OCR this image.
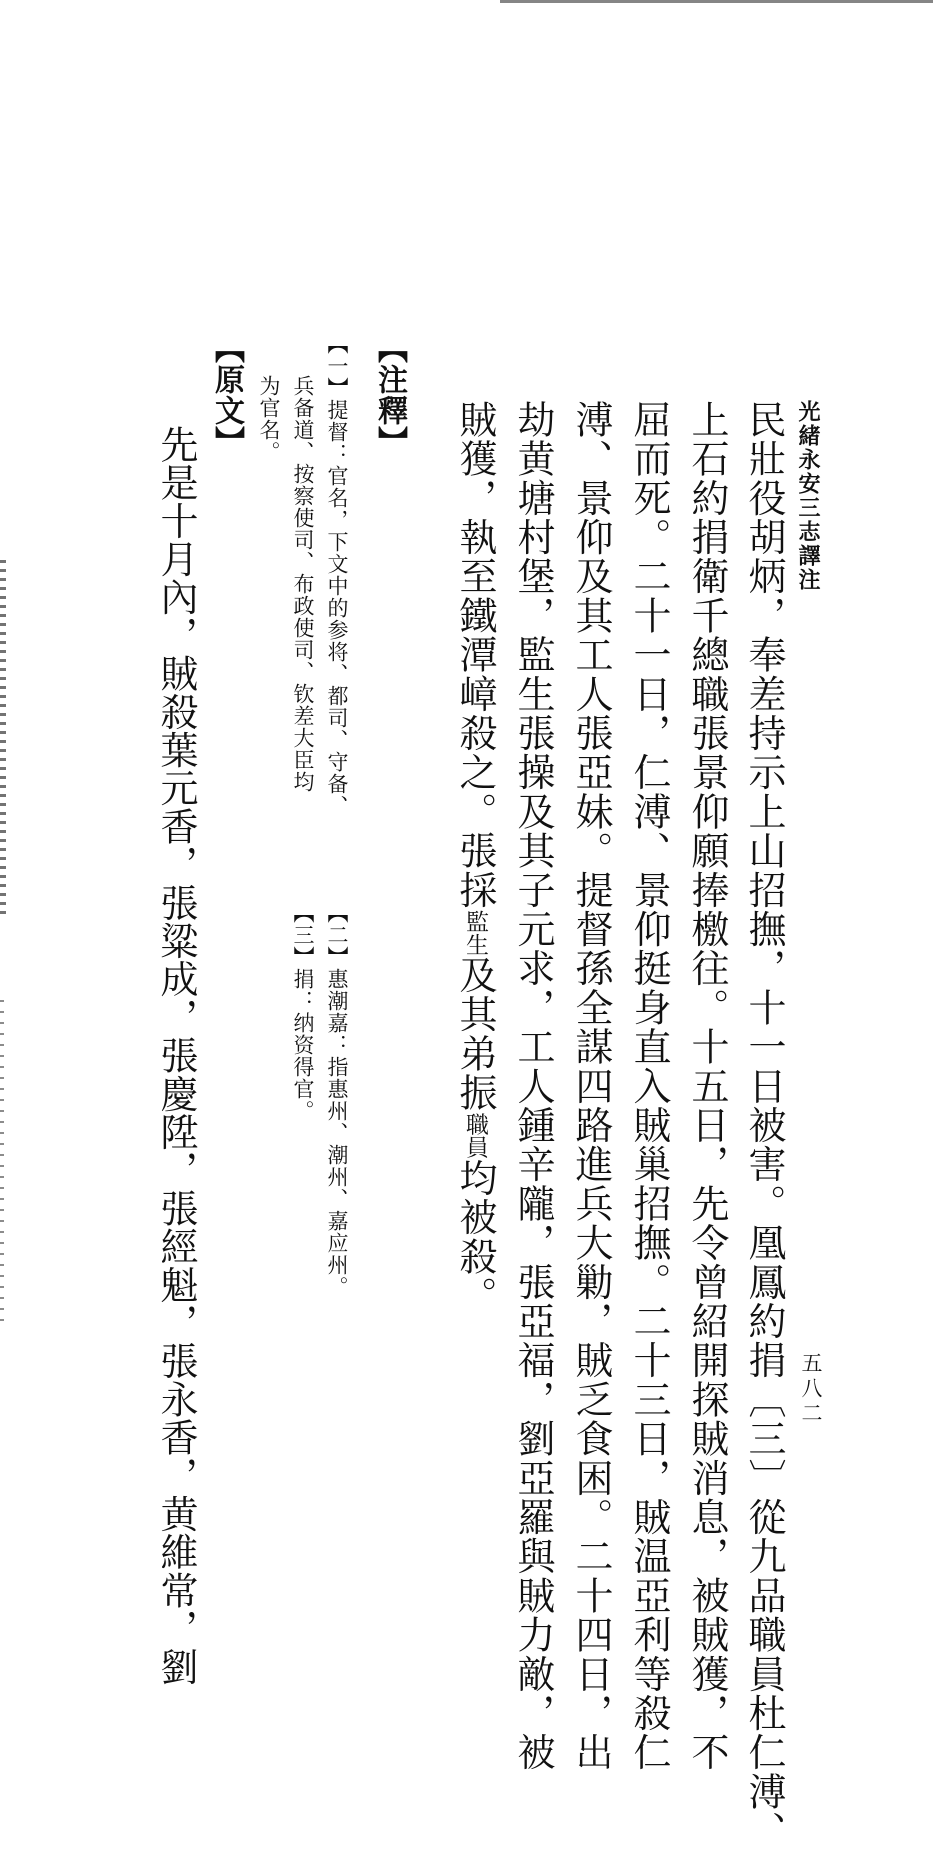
光緒永安三志譯注
五八二
民壯役胡炳，奉差持示上山招撫，十一日被害。凰鳳約捐〔三〕從九品職員杜仁溥、
上石約捐衛千總職張景仰願捧檄往。十五日，先令曾紹開探賊消息，被賊獲，不
屈而死。二十一日，仁溥、景仰挺身直入賊巢招撫。二十三日，賊温亞利等殺仁
溥、景仰及其工人張亞妹。提督孫全謀四路進兵大勦，賊乏食困。二十四日，出
劫黄塘村堡，監生張操及其子元求，工人鍾辛隴，張亞福，劉亞羅與賊力敵，被
賊獲，執至鐵潭嶂殺之。張採監生及其弟振職員均被殺。
【注釋】
【一】提督：官名，下文中的参将、都司、守备、
兵备道、按察使司、布政使司、钦差大臣均
为官名。
【二】惠潮嘉：指惠州、潮州、嘉应州。
【三】捐：纳资得官。
【原文】
先是十月內，賊殺葉元香，張粱成，張慶陞，張經魁，張永香，黄維常，劉
